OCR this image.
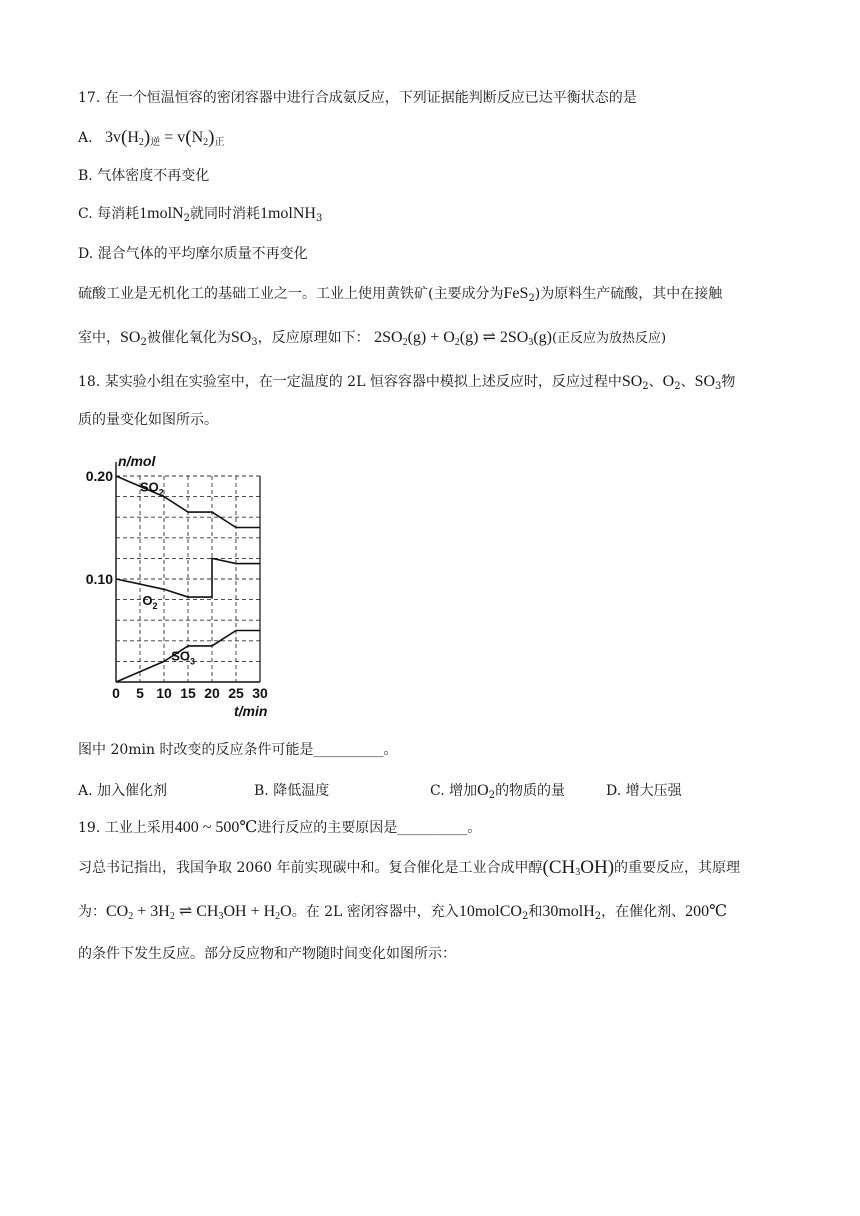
17. 在一个恒温恒容的密闭容器中进行合成氨反应，下列证据能判断反应已达平衡状态的是
A. $3v(H_2)_逆 = v(N_2)_正$
B. 气体密度不再变化
C. 每消耗1molN$_2$就同时消耗1molNH$_3$
D. 混合气体的平均摩尔质量不再变化
硫酸工业是无机化工的基础工业之一。工业上使用黄铁矿(主要成分为FeS$_2$)为原料生产硫酸，其中在接触
室中，$SO_2$被催化氧化为$SO_3$，反应原理如下： $2SO_2(g) + O_2(g)$ ⇌ $2SO_3(g)$(正反应为放热反应)
18. 某实验小组在实验室中，在一定温度的 2L 恒容容器中模拟上述反应时，反应过程中$SO_2$、$O_2$、$SO_3$物
质的量变化如图所示。
0 5 10 15 20 25 30
0.20
0.10
n/mol
t/min
$SO_2$
$O_2$
$SO_3$
图中 20min 时改变的反应条件可能是__________。
A. 加入催化剂	B. 降低温度	C. 增加$O_2$的物质的量	D. 增大压强
19. 工业上采用400 ~ 500℃进行反应的主要原因是__________。
习总书记指出，我国争取 2060 年前实现碳中和。复合催化是工业合成甲醇$(CH_3OH)$的重要反应，其原理
为：$CO_2 + 3H_2$ ⇌ $CH_3OH + H_2O$。在 2L 密闭容器中，充入10molCO$_2$和30molH$_2$，在催化剂、200℃
的条件下发生反应。部分反应物和产物随时间变化如图所示：
